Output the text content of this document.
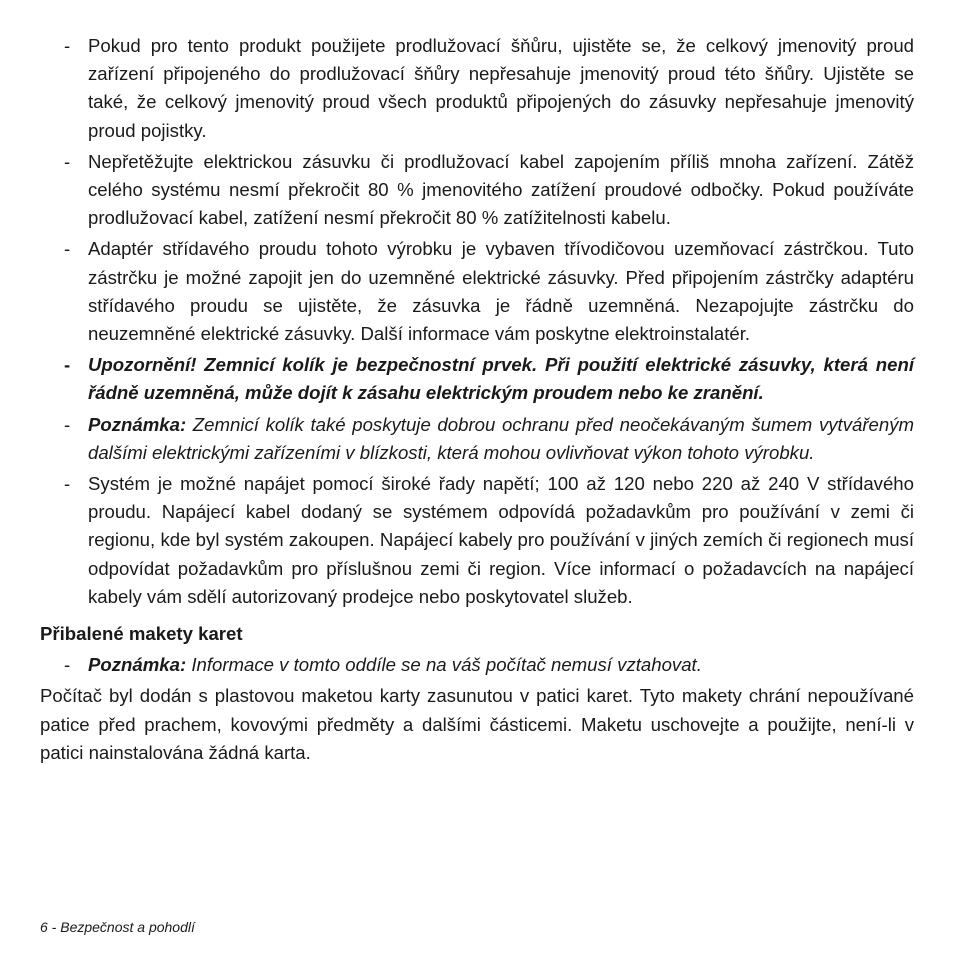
- Pokud pro tento produkt použijete prodlužovací šňůru, ujistěte se, že celkový jmenovitý proud zařízení připojeného do prodlužovací šňůry nepřesahuje jmenovitý proud této šňůry. Ujistěte se také, že celkový jmenovitý proud všech produktů připojených do zásuvky nepřesahuje jmenovitý proud pojistky.
- Nepřetěžujte elektrickou zásuvku či prodlužovací kabel zapojením příliš mnoha zařízení. Zátěž celého systému nesmí překročit 80 % jmenovitého zatížení proudové odbočky. Pokud používáte prodlužovací kabel, zatížení nesmí překročit 80 % zatížitelnosti kabelu.
- Adaptér střídavého proudu tohoto výrobku je vybaven třívodičovou uzemňovací zástrčkou. Tuto zástrčku je možné zapojit jen do uzemněné elektrické zásuvky. Před připojením zástrčky adaptéru střídavého proudu se ujistěte, že zásuvka je řádně uzemněná. Nezapojujte zástrčku do neuzemněné elektrické zásuvky. Další informace vám poskytne elektroinstalatér.
- Upozornění! Zemnicí kolík je bezpečnostní prvek. Při použití elektrické zásuvky, která není řádně uzemněná, může dojít k zásahu elektrickým proudem nebo ke zranění.
- Poznámka: Zemnicí kolík také poskytuje dobrou ochranu před neočekávaným šumem vytvářeným dalšími elektrickými zařízeními v blízkosti, která mohou ovlivňovat výkon tohoto výrobku.
- Systém je možné napájet pomocí široké řady napětí; 100 až 120 nebo 220 až 240 V střídavého proudu. Napájecí kabel dodaný se systémem odpovídá požadavkům pro používání v zemi či regionu, kde byl systém zakoupen. Napájecí kabely pro používání v jiných zemích či regionech musí odpovídat požadavkům pro příslušnou zemi či region. Více informací o požadavcích na napájecí kabely vám sdělí autorizovaný prodejce nebo poskytovatel služeb.
Přibalené makety karet
- Poznámka: Informace v tomto oddíle se na váš počítač nemusí vztahovat.

Počítač byl dodán s plastovou maketou karty zasunutou v patici karet. Tyto makety chrání nepoužívané patice před prachem, kovovými předměty a dalšími částicemi. Maketu uschovejte a použijte, není-li v patici nainstalována žádná karta.

6 - Bezpečnost a pohodlí
